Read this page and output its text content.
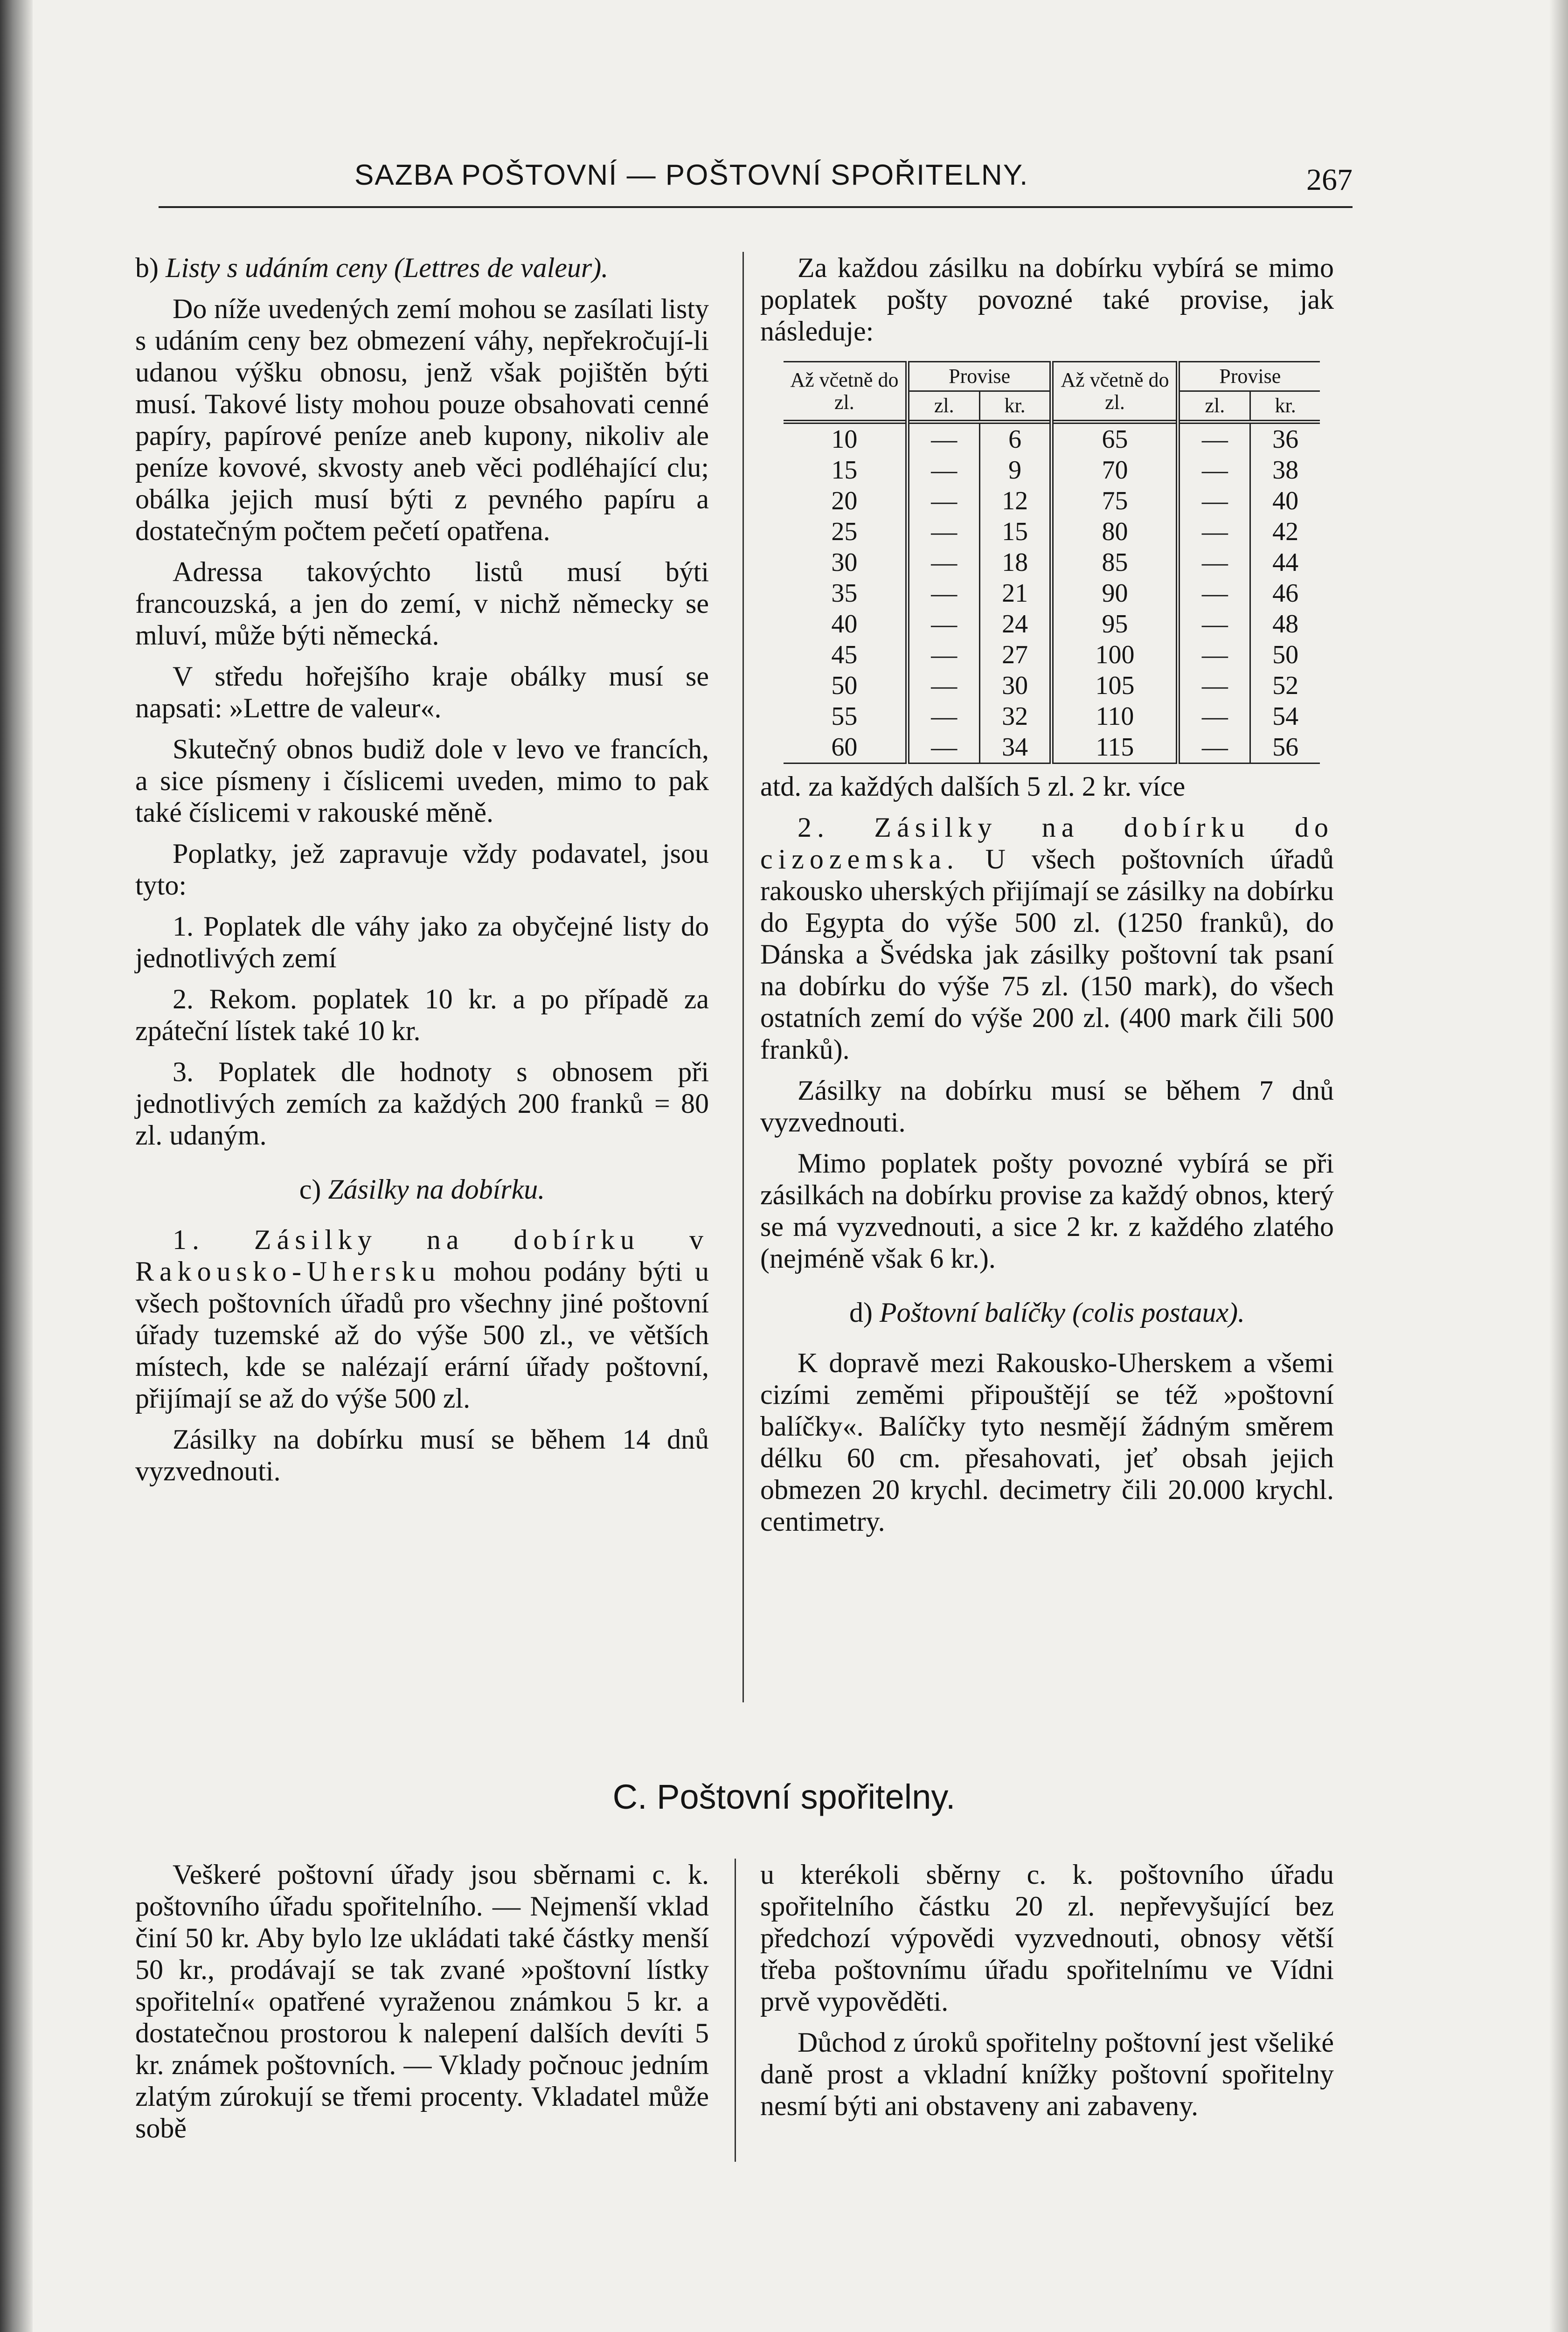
SAZBA POŠTOVNÍ — POŠTOVNÍ SPOŘITELNY.	267

b) Listy s udáním ceny (Lettres de valeur).

Do níže uvedených zemí mohou se zasílati listy s udáním ceny bez obmezení váhy, nepřekročují-li udanou výšku obnosu, jenž však pojištěn býti musí. Takové listy mohou pouze obsahovati cenné papíry, papírové peníze aneb kupony, nikoliv ale peníze kovové, skvosty aneb věci podléhající clu; obálka jejich musí býti z pevného papíru a dostatečným počtem pečetí opatřena.

Adressa takovýchto listů musí býti francouzská, a jen do zemí, v nichž německy se mluví, může býti německá.

V středu hořejšího kraje obálky musí se napsati: »Lettre de valeur«.

Skutečný obnos budiž dole v levo ve francích, a sice písmeny i číslicemi uveden, mimo to pak také číslicemi v rakouské měně.

Poplatky, jež zapravuje vždy podavatel, jsou tyto:

1. Poplatek dle váhy jako za obyčejné listy do jednotlivých zemí

2. Rekom. poplatek 10 kr. a po případě za zpáteční lístek také 10 kr.

3. Poplatek dle hodnoty s obnosem při jednotlivých zemích za každých 200 franků = 80 zl. udaným.

c) Zásilky na dobírku.

1. Zásilky na dobírku v Rakousko-Uhersku mohou podány býti u všech poštovních úřadů pro všechny jiné poštovní úřady tuzemské až do výše 500 zl., ve větších místech, kde se nalézají erární úřady poštovní, přijímají se až do výše 500 zl.

Zásilky na dobírku musí se během 14 dnů vyzvednouti.

Za každou zásilku na dobírku vybírá se mimo poplatek pošty povozné také provise, jak následuje:

Až včetně do zl.	Provise		Až včetně do zl.	Provise	
	zl.	kr.		zl.	kr.
10	—	6	65	—	36
15	—	9	70	—	38
20	—	12	75	—	40
25	—	15	80	—	42
30	—	18	85	—	44
35	—	21	90	—	46
40	—	24	95	—	48
45	—	27	100	—	50
50	—	30	105	—	52
55	—	32	110	—	54
60	—	34	115	—	56

atd. za každých dalších 5 zl. 2 kr. více

2. Zásilky na dobírku do cizozemska. U všech poštovních úřadů rakousko uherských přijímají se zásilky na dobírku do Egypta do výše 500 zl. (1250 franků), do Dánska a Švédska jak zásilky poštovní tak psaní na dobírku do výše 75 zl. (150 mark), do všech ostatních zemí do výše 200 zl. (400 mark čili 500 franků).

Zásilky na dobírku musí se během 7 dnů vyzvednouti.

Mimo poplatek pošty povozné vybírá se při zásilkách na dobírku provise za každý obnos, který se má vyzvednouti, a sice 2 kr. z každého zlatého (nejméně však 6 kr.).

d) Poštovní balíčky (colis postaux).

K dopravě mezi Rakousko-Uherskem a všemi cizími zeměmi připouštějí se též »poštovní balíčky«. Balíčky tyto nesmějí žádným směrem délku 60 cm. přesahovati, jeť obsah jejich obmezen 20 krychl. decimetry čili 20.000 krychl. centimetry.

C. Poštovní spořitelny.

Veškeré poštovní úřady jsou sběrnami c. k. poštovního úřadu spořitelního. — Nejmenší vklad činí 50 kr. Aby bylo lze ukládati také částky menší 50 kr., prodávají se tak zvané »poštovní lístky spořitelní« opatřené vyraženou známkou 5 kr. a dostatečnou prostorou k nalepení dalších devíti 5 kr. známek poštovních. — Vklady počnouc jedním zlatým zúrokují se třemi procenty. Vkladatel může sobě

u kterékoli sběrny c. k. poštovního úřadu spořitelního částku 20 zl. nepřevyšující bez předchozí výpovědi vyzvednouti, obnosy větší třeba poštovnímu úřadu spořitelnímu ve Vídni prvě vypověděti.

Důchod z úroků spořitelny poštovní jest všeliké daně prost a vkladní knížky poštovní spořitelny nesmí býti ani obstaveny ani zabaveny.
